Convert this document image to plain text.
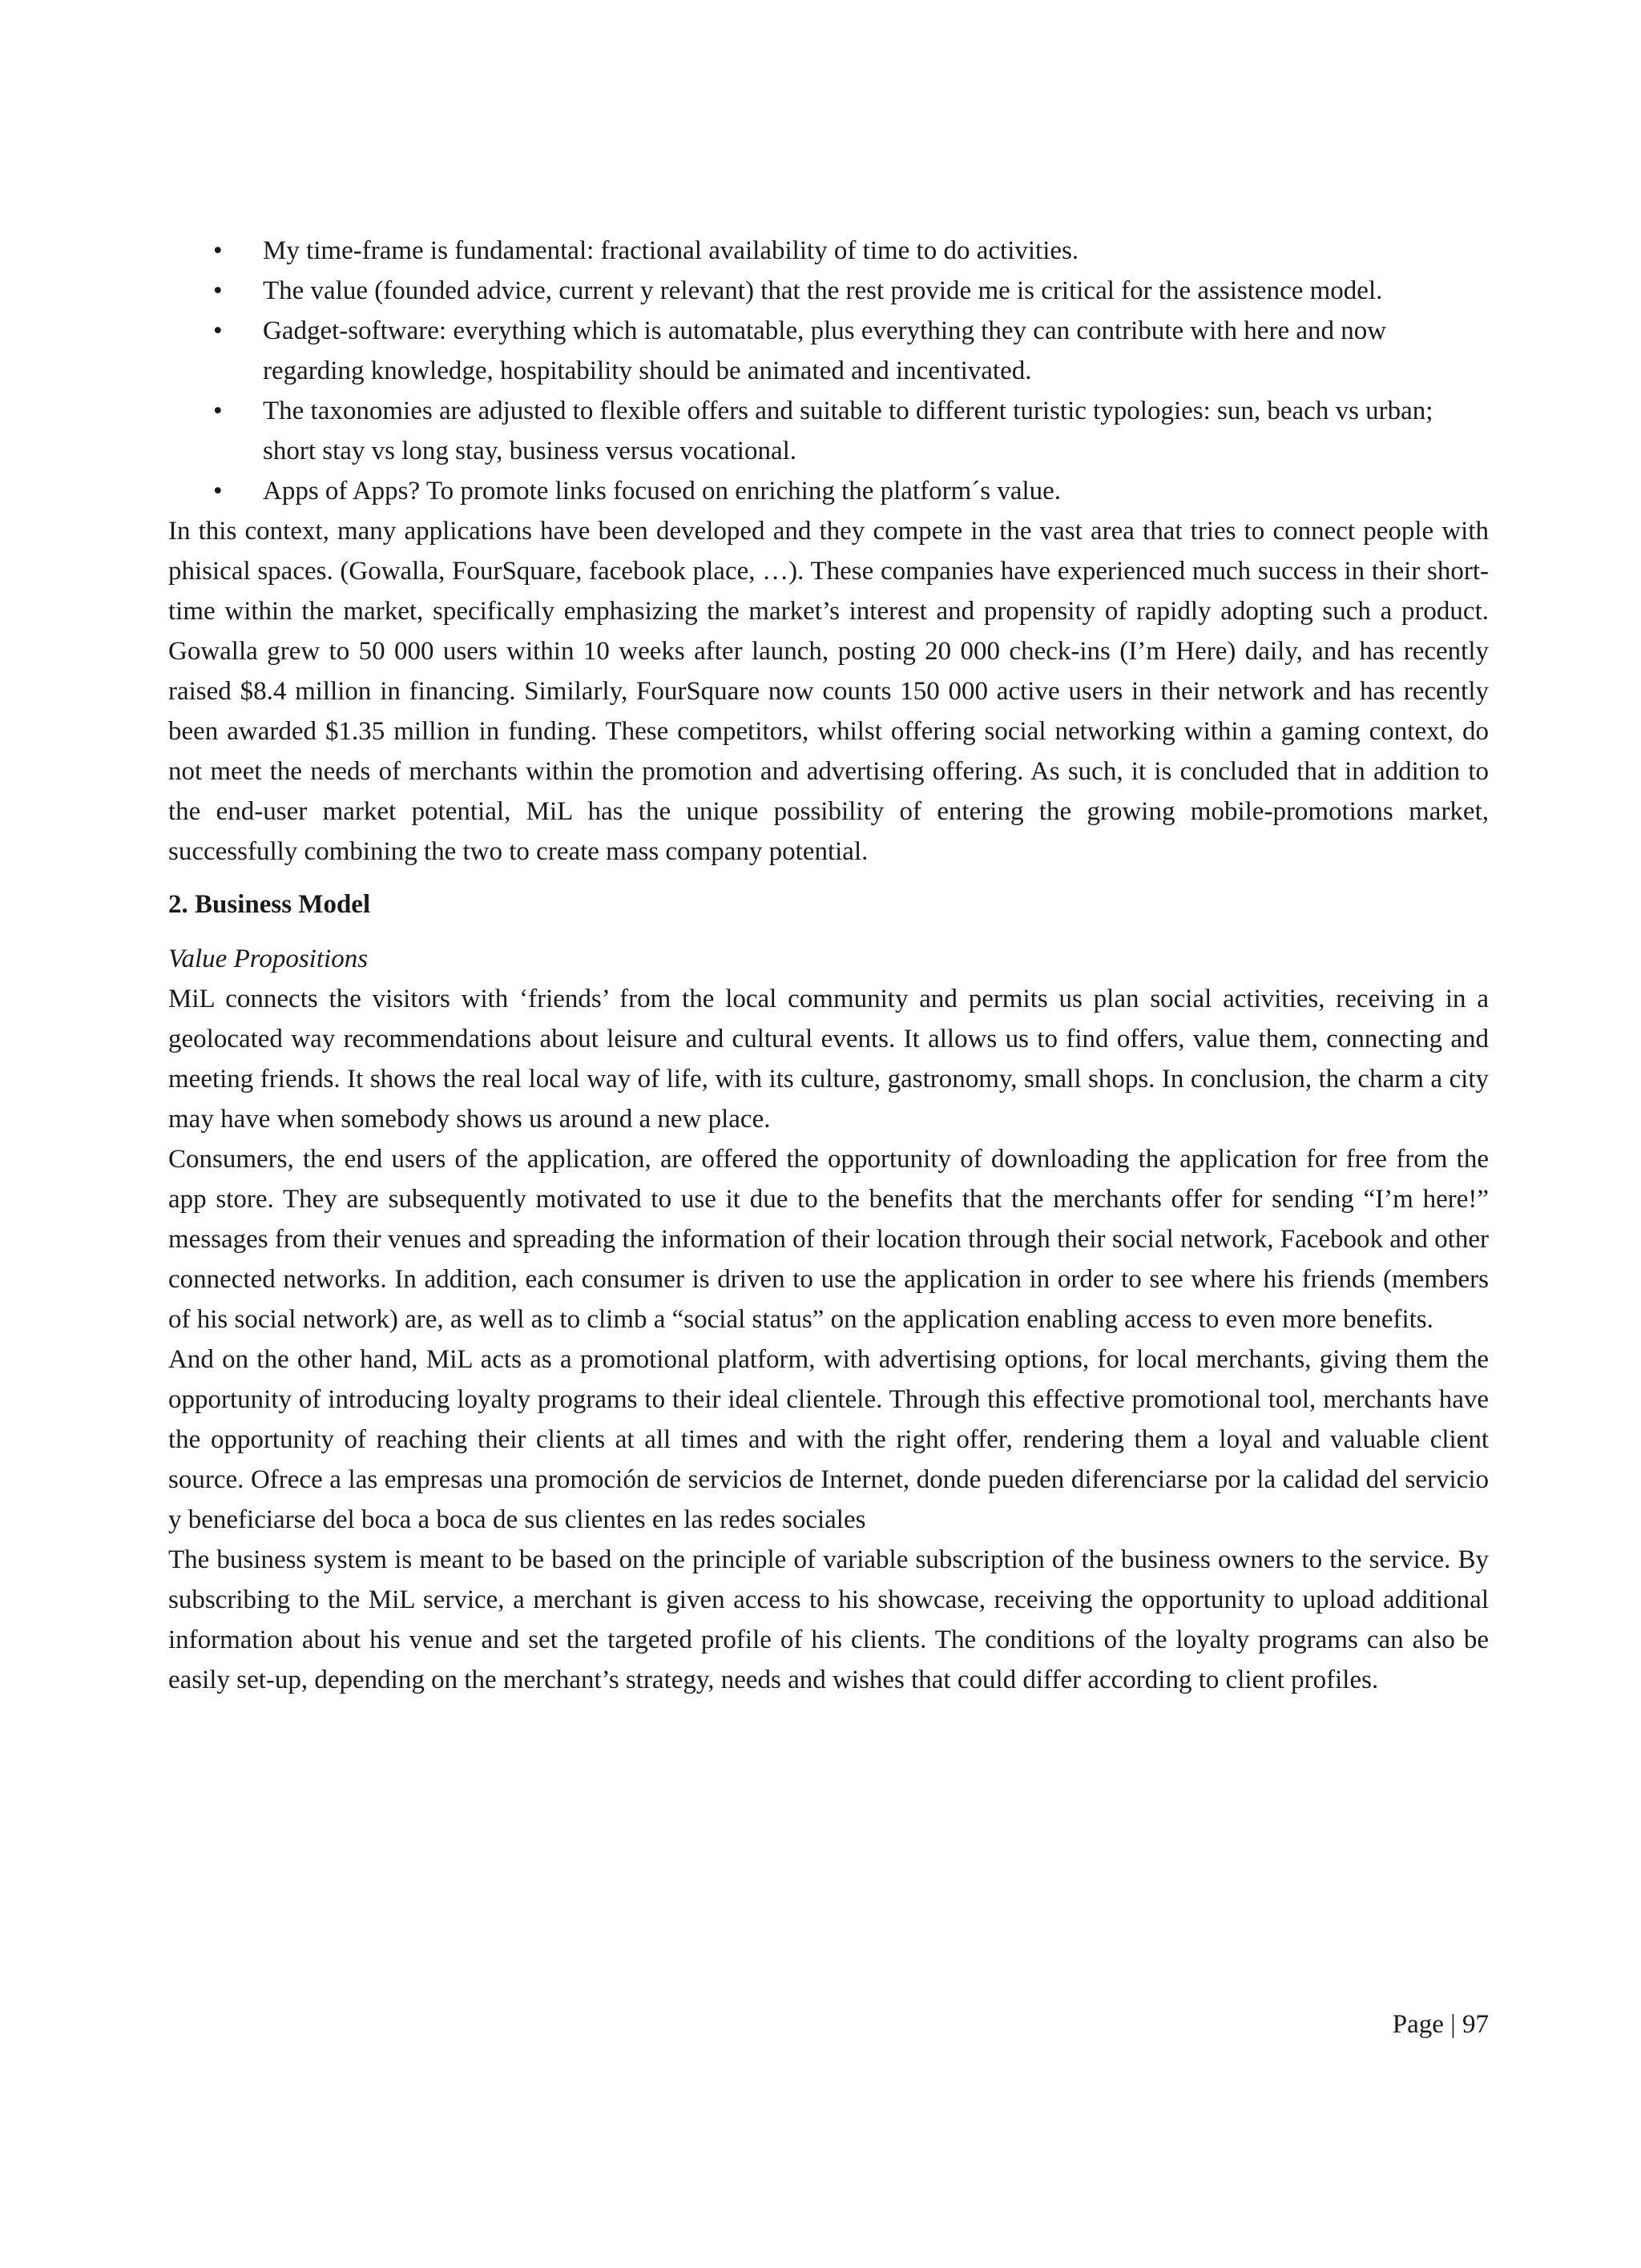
• My time-frame is fundamental: fractional availability of time to do activities.
• The value (founded advice, current y relevant) that the rest provide me is critical for the assistence model.
• Gadget-software: everything which is automatable, plus everything they can contribute with here and now regarding knowledge, hospitability should be animated and incentivated.
• The taxonomies are adjusted to flexible offers and suitable to different turistic typologies: sun, beach vs urban; short stay vs long stay, business versus vocational.
• Apps of Apps? To promote links focused on enriching the platform´s value.

In this context, many applications have been developed and they compete in the vast area that tries to connect people with phisical spaces. (Gowalla, FourSquare, facebook place, …). These companies have experienced much success in their short-time within the market, specifically emphasizing the market’s interest and propensity of rapidly adopting such a product. Gowalla grew to 50 000 users within 10 weeks after launch, posting 20 000 check-ins (I’m Here) daily, and has recently raised $8.4 million in financing. Similarly, FourSquare now counts 150 000 active users in their network and has recently been awarded $1.35 million in funding. These competitors, whilst offering social networking within a gaming context, do not meet the needs of merchants within the promotion and advertising offering. As such, it is concluded that in addition to the end-user market potential, MiL has the unique possibility of entering the growing mobile-promotions market, successfully combining the two to create mass company potential.

2. Business Model

Value Propositions

MiL connects the visitors with ‘friends’ from the local community and permits us plan social activities, receiving in a geolocated way recommendations about leisure and cultural events. It allows us to find offers, value them, connecting and meeting friends. It shows the real local way of life, with its culture, gastronomy, small shops. In conclusion, the charm a city may have when somebody shows us around a new place.

Consumers, the end users of the application, are offered the opportunity of downloading the application for free from the app store. They are subsequently motivated to use it due to the benefits that the merchants offer for sending “I’m here!” messages from their venues and spreading the information of their location through their social network, Facebook and other connected networks. In addition, each consumer is driven to use the application in order to see where his friends (members of his social network) are, as well as to climb a “social status” on the application enabling access to even more benefits.

And on the other hand, MiL acts as a promotional platform, with advertising options, for local merchants, giving them the opportunity of introducing loyalty programs to their ideal clientele. Through this effective promotional tool, merchants have the opportunity of reaching their clients at all times and with the right offer, rendering them a loyal and valuable client source. Ofrece a las empresas una promoción de servicios de Internet, donde pueden diferenciarse por la calidad del servicio y beneficiarse del boca a boca de sus clientes en las redes sociales

The business system is meant to be based on the principle of variable subscription of the business owners to the service. By subscribing to the MiL service, a merchant is given access to his showcase, receiving the opportunity to upload additional information about his venue and set the targeted profile of his clients. The conditions of the loyalty programs can also be easily set-up, depending on the merchant’s strategy, needs and wishes that could differ according to client profiles.

Page | 97
